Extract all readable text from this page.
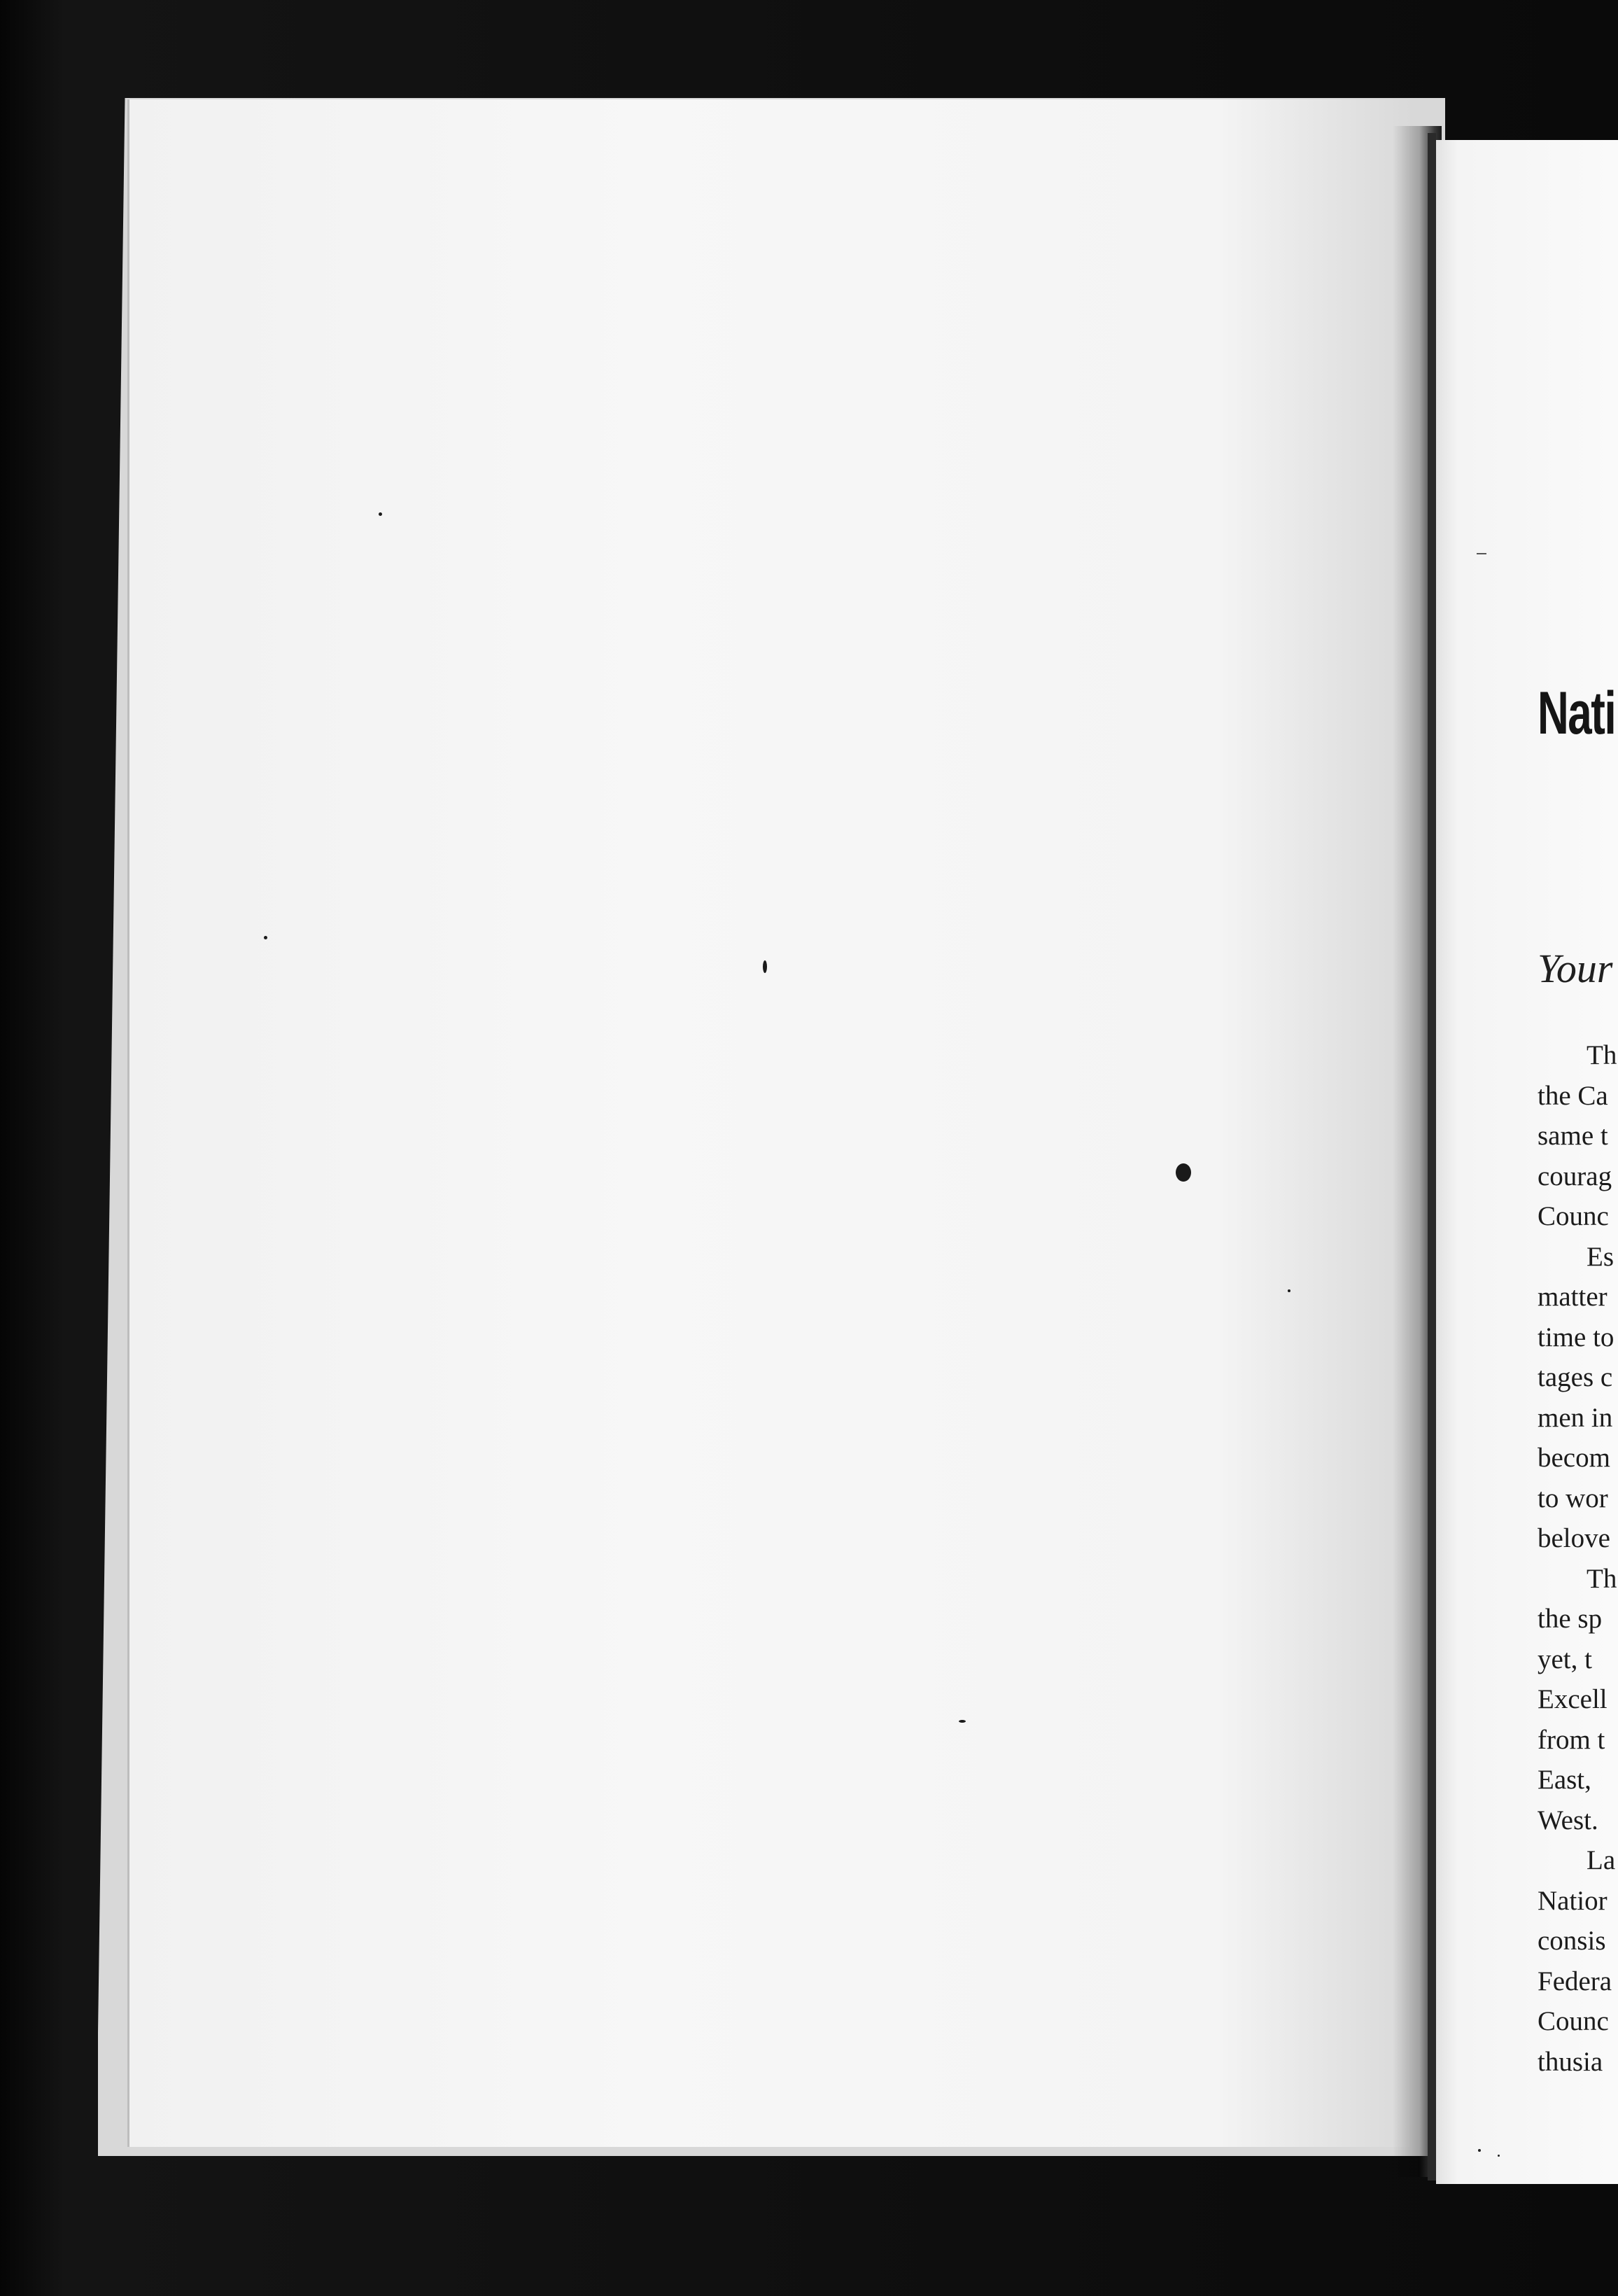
Nati
Your
Th
the Ca
same t
courag
Counc
Es
matter
time to
tages c
men in
becom
to wor
belove
Th
the sp
yet, t
Excell
from t
East,
West.
La
Natior
consis
Federa
Counc
thusia
